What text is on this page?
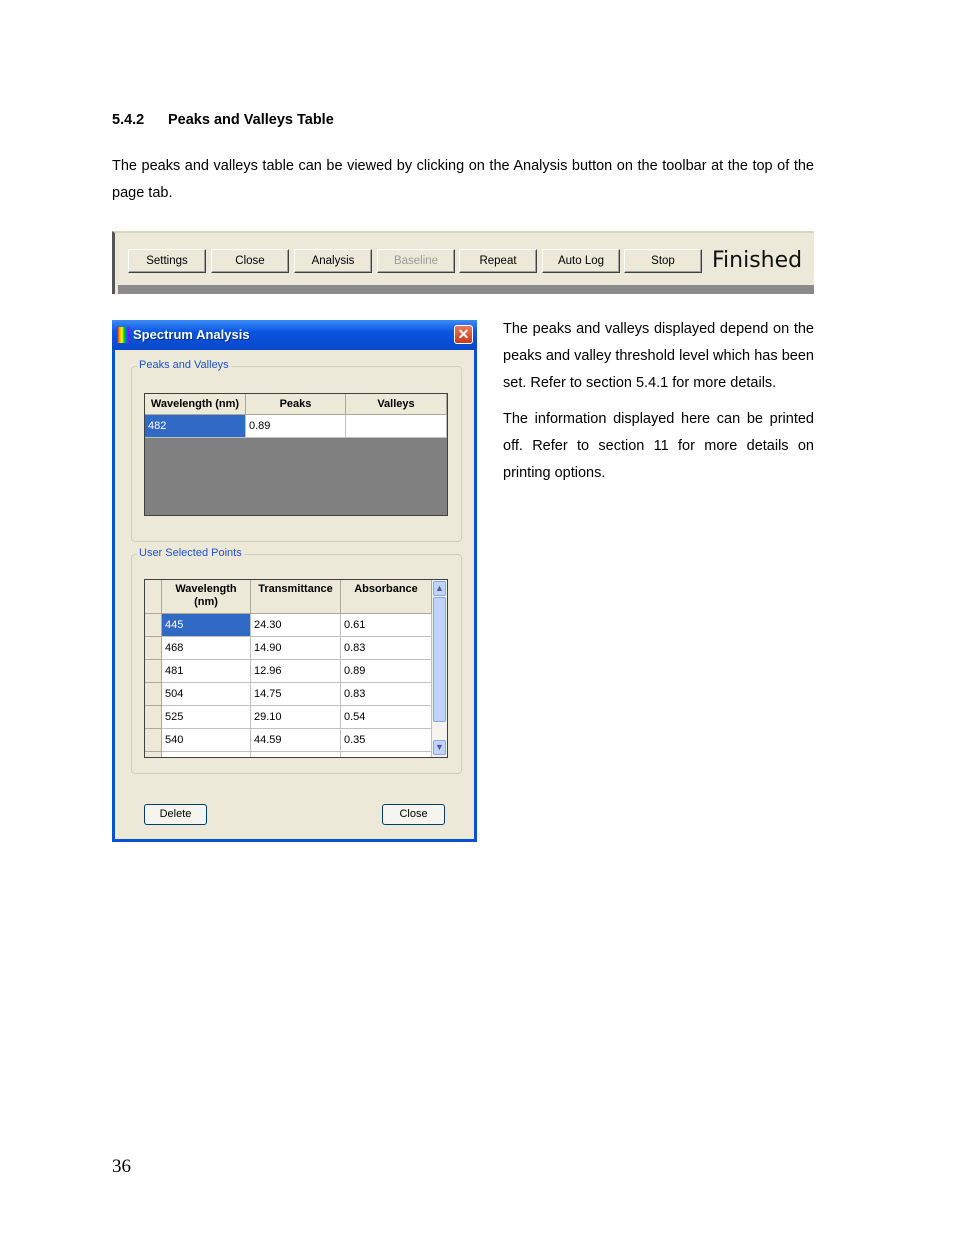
5.4.2 Peaks and Valleys Table
The peaks and valleys table can be viewed by clicking on the Analysis button on the toolbar at the top of the page tab.
Settings	Close	Analysis	Baseline	Repeat	Auto Log	Stop	Finished
Spectrum Analysis	✕
Peaks and Valleys
Wavelength (nm)	Peaks	Valleys
482	0.89
User Selected Points
Wavelength
(nm)
Transmittance	Absorbance
445	24.30	0.61
468	14.90	0.83
481	12.96	0.89
504	14.75	0.83
525	29.10	0.54
540	44.59	0.35
▲
▼
Delete	Close

The peaks and valleys displayed depend on the peaks and valley threshold level which has been set. Refer to section 5.4.1 for more details.

The information displayed here can be printed off. Refer to section 11 for more details on printing options.

36
